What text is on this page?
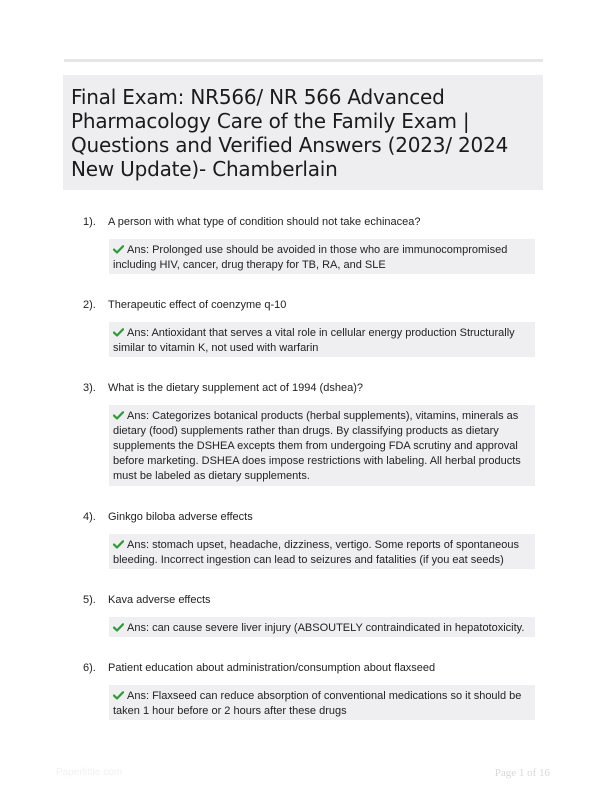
Final Exam: NR566/ NR 566 Advanced Pharmacology Care of the Family Exam | Questions and Verified Answers (2023/ 2024 New Update)- Chamberlain
1). A person with what type of condition should not take echinacea?
Ans: Prolonged use should be avoided in those who are immunocompromised including HIV, cancer, drug therapy for TB, RA, and SLE
2). Therapeutic effect of coenzyme q-10
Ans: Antioxidant that serves a vital role in cellular energy production Structurally similar to vitamin K, not used with warfarin
3). What is the dietary supplement act of 1994 (dshea)?
Ans: Categorizes botanical products (herbal supplements), vitamins, minerals as dietary (food) supplements rather than drugs. By classifying products as dietary supplements the DSHEA excepts them from undergoing FDA scrutiny and approval before marketing. DSHEA does impose restrictions with labeling. All herbal products must be labeled as dietary supplements.
4). Ginkgo biloba adverse effects
Ans: stomach upset, headache, dizziness, vertigo. Some reports of spontaneous bleeding. Incorrect ingestion can lead to seizures and fatalities (if you eat seeds)
5). Kava adverse effects
Ans: can cause severe liver injury (ABSOUTELY contraindicated in hepatotoxicity.
6). Patient education about administration/consumption about flaxseed
Ans: Flaxseed can reduce absorption of conventional medications so it should be taken 1 hour before or 2 hours after these drugs
Paperlittle.com	Page 1 of 16
